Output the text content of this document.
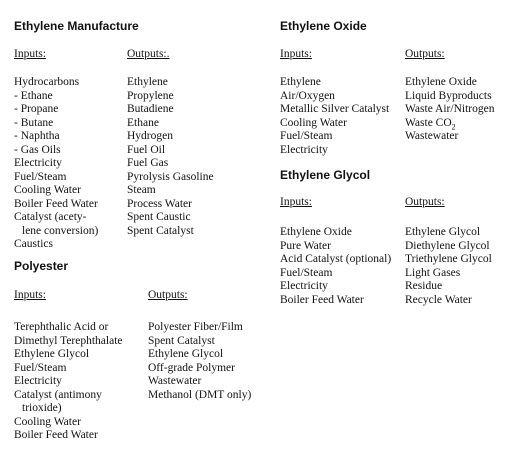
Ethylene Manufacture
Inputs:
Hydrocarbons
- Ethane
- Propane
- Butane
- Naphtha
- Gas Oils
Electricity
Fuel/Steam
Cooling Water
Boiler Feed Water
Catalyst (acety-
lene conversion)
Caustics
Outputs:.
Ethylene
Propylene
Butadiene
Ethane
Hydrogen
Fuel Oil
Fuel Gas
Pyrolysis Gasoline
Steam
Process Water
Spent Caustic
Spent Catalyst
Polyester
Inputs:
Terephthalic Acid or
Dimethyl Terephthalate
Ethylene Glycol
Fuel/Steam
Electricity
Catalyst (antimony
trioxide)
Cooling Water
Boiler Feed Water
Outputs:
Polyester Fiber/Film
Spent Catalyst
Ethylene Glycol
Off-grade Polymer
Wastewater
Methanol (DMT only)
Ethylene Oxide
Inputs:
Ethylene
Air/Oxygen
Metallic Silver Catalyst
Cooling Water
Fuel/Steam
Electricity
Outputs:
Ethylene Oxide
Liquid Byproducts
Waste Air/Nitrogen
Waste $CO_2$
Wastewater
Ethylene Glycol
Inputs:
Ethylene Oxide
Pure Water
Acid Catalyst (optional)
Fuel/Steam
Electricity
Boiler Feed Water
Outputs:
Ethylene Glycol
Diethylene Glycol
Triethylene Glycol
Light Gases
Residue
Recycle Water
